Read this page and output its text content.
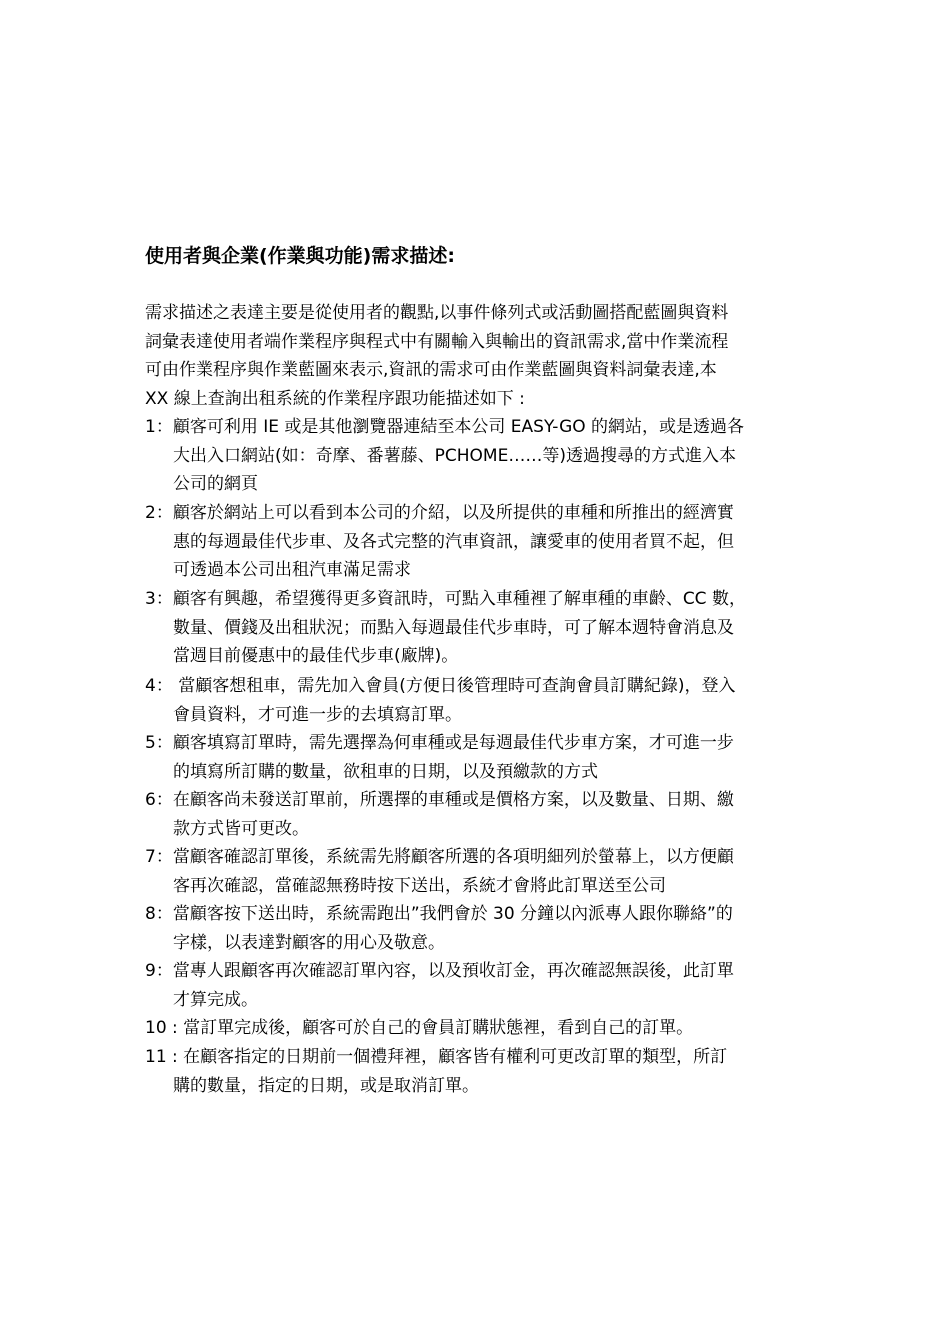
使用者與企業(作業與功能)需求描述:
需求描述之表達主要是從使用者的觀點,以事件條列式或活動圖搭配藍圖與資料
詞彙表達使用者端作業程序與程式中有關輸入與輸出的資訊需求,當中作業流程
可由作業程序與作業藍圖來表示,資訊的需求可由作業藍圖與資料詞彙表達,本
XX 線上查詢出租系統的作業程序跟功能描述如下 :
1：顧客可利用 IE 或是其他瀏覽器連結至本公司 EASY-GO 的網站，或是透過各
大出入口網站(如：奇摩、番薯藤、PCHOME……等)透過搜尋的方式進入本
公司的網頁
2：顧客於網站上可以看到本公司的介紹，以及所提供的車種和所推出的經濟實
惠的每週最佳代步車、及各式完整的汽車資訊，讓愛車的使用者買不起，但
可透過本公司出租汽車滿足需求
3：顧客有興趣，希望獲得更多資訊時，可點入車種裡了解車種的車齡、CC 數，
數量、價錢及出租狀況；而點入每週最佳代步車時，可了解本週特會消息及
當週目前優惠中的最佳代步車(廠牌)。
4： 當顧客想租車，需先加入會員(方便日後管理時可查詢會員訂購紀錄)，登入
會員資料，才可進一步的去填寫訂單。
5：顧客填寫訂單時，需先選擇為何車種或是每週最佳代步車方案，才可進一步
的填寫所訂購的數量，欲租車的日期，以及預繳款的方式
6：在顧客尚未發送訂單前，所選擇的車種或是價格方案，以及數量、日期、繳
款方式皆可更改。
7：當顧客確認訂單後，系統需先將顧客所選的各項明細列於螢幕上，以方便顧
客再次確認，當確認無務時按下送出，系統才會將此訂單送至公司
8：當顧客按下送出時，系統需跑出”我們會於 30 分鐘以內派專人跟你聯絡”的
字樣，以表達對顧客的用心及敬意。
9：當專人跟顧客再次確認訂單內容，以及預收訂金，再次確認無誤後，此訂單
才算完成。
10 : 當訂單完成後，顧客可於自己的會員訂購狀態裡，看到自己的訂單。
11 : 在顧客指定的日期前一個禮拜裡，顧客皆有權利可更改訂單的類型，所訂
購的數量，指定的日期，或是取消訂單。
